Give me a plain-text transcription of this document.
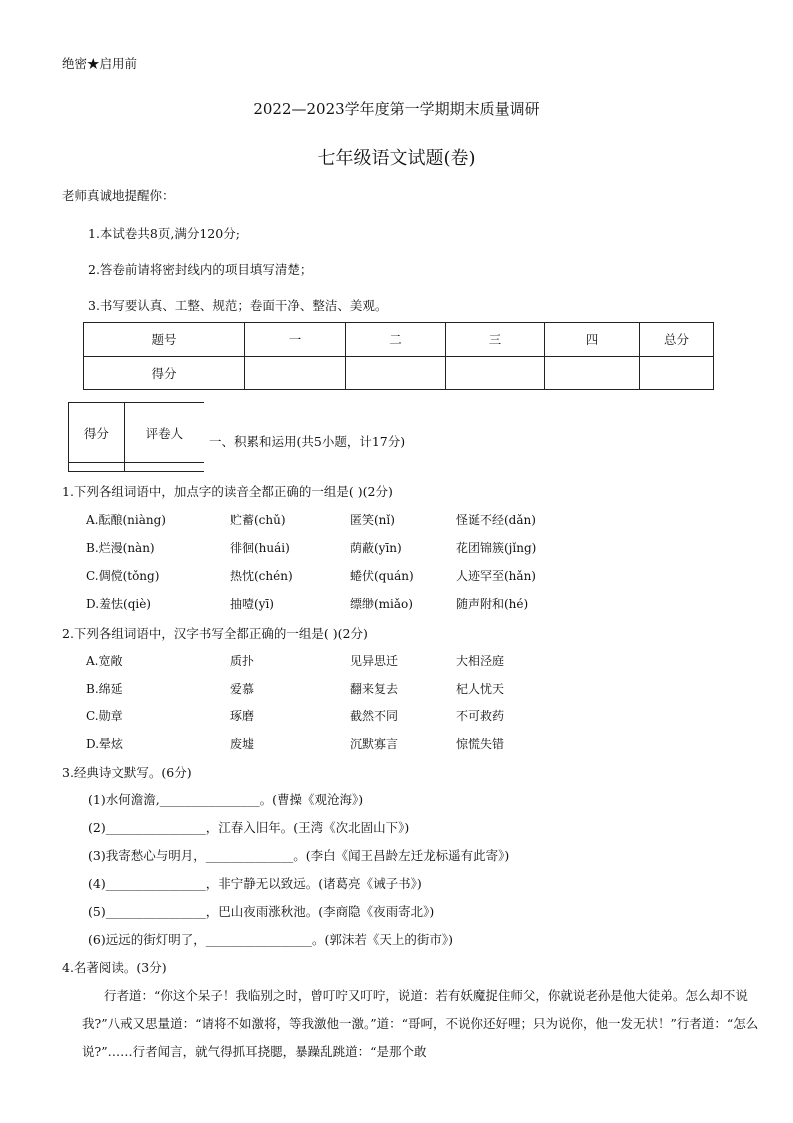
绝密★启用前
2022—2023学年度第一学期期末质量调研
七年级语文试题(卷)
老师真诚地提醒你：
1.本试卷共8页,满分120分;
2.答卷前请将密封线内的项目填写清楚；
3.书写要认真、工整、规范；卷面干净、整洁、美观。
题号	一	二	三	四	总分
得分					
得分	评卷人

一、积累和运用(共5小题，计17分)
1.下列各组词语中，加点字的读音全都正确的一组是( )(2分)
A.酝酿(niàng)	贮蓄(chǔ)	匿笑(nǐ)	怪诞不经(dǎn)
B.烂漫(nàn)	徘徊(huái)	荫蔽(yīn)	花团锦簇(jǐng)
C.倜傥(tǒng)	热忱(chén)	蜷伏(quán)	人迹罕至(hǎn)
D.羞怯(qiè)	抽噎(yī)	缥缈(miǎo)	随声附和(hé)
2.下列各组词语中，汉字书写全都正确的一组是( )(2分)
A.宽敞	质扑	见异思迁	大相泾庭
B.绵延	爱慕	翻来复去	杞人忧天
C.勋章	琢磨	截然不同	不可救药
D.晕炫	废墟	沉默寡言	惊慌失错
3.经典诗文默写。(6分)
(1)水何澹澹,________________。(曹操《观沧海》)
(2)________________，江春入旧年。(王湾《次北固山下》)
(3)我寄愁心与明月，______________。(李白《闻王昌龄左迁龙标遥有此寄》)
(4)________________，非宁静无以致远。(诸葛亮《诫子书》)
(5)________________，巴山夜雨涨秋池。(李商隐《夜雨寄北》)
(6)远远的街灯明了，_________________。(郭沫若《天上的街市》)
4.名著阅读。(3分)
行者道：“你这个呆子！我临别之时，曾叮咛又叮咛，说道：若有妖魔捉住师父，你就说老孙是他大徒弟。怎么却不说我?”八戒又思量道：“请将不如激将，等我激他一激。”道：“哥呵，不说你还好哩；只为说你，他一发无状！”行者道：“怎么说?”……行者闻言，就气得抓耳挠腮，暴躁乱跳道：“是那个敢
